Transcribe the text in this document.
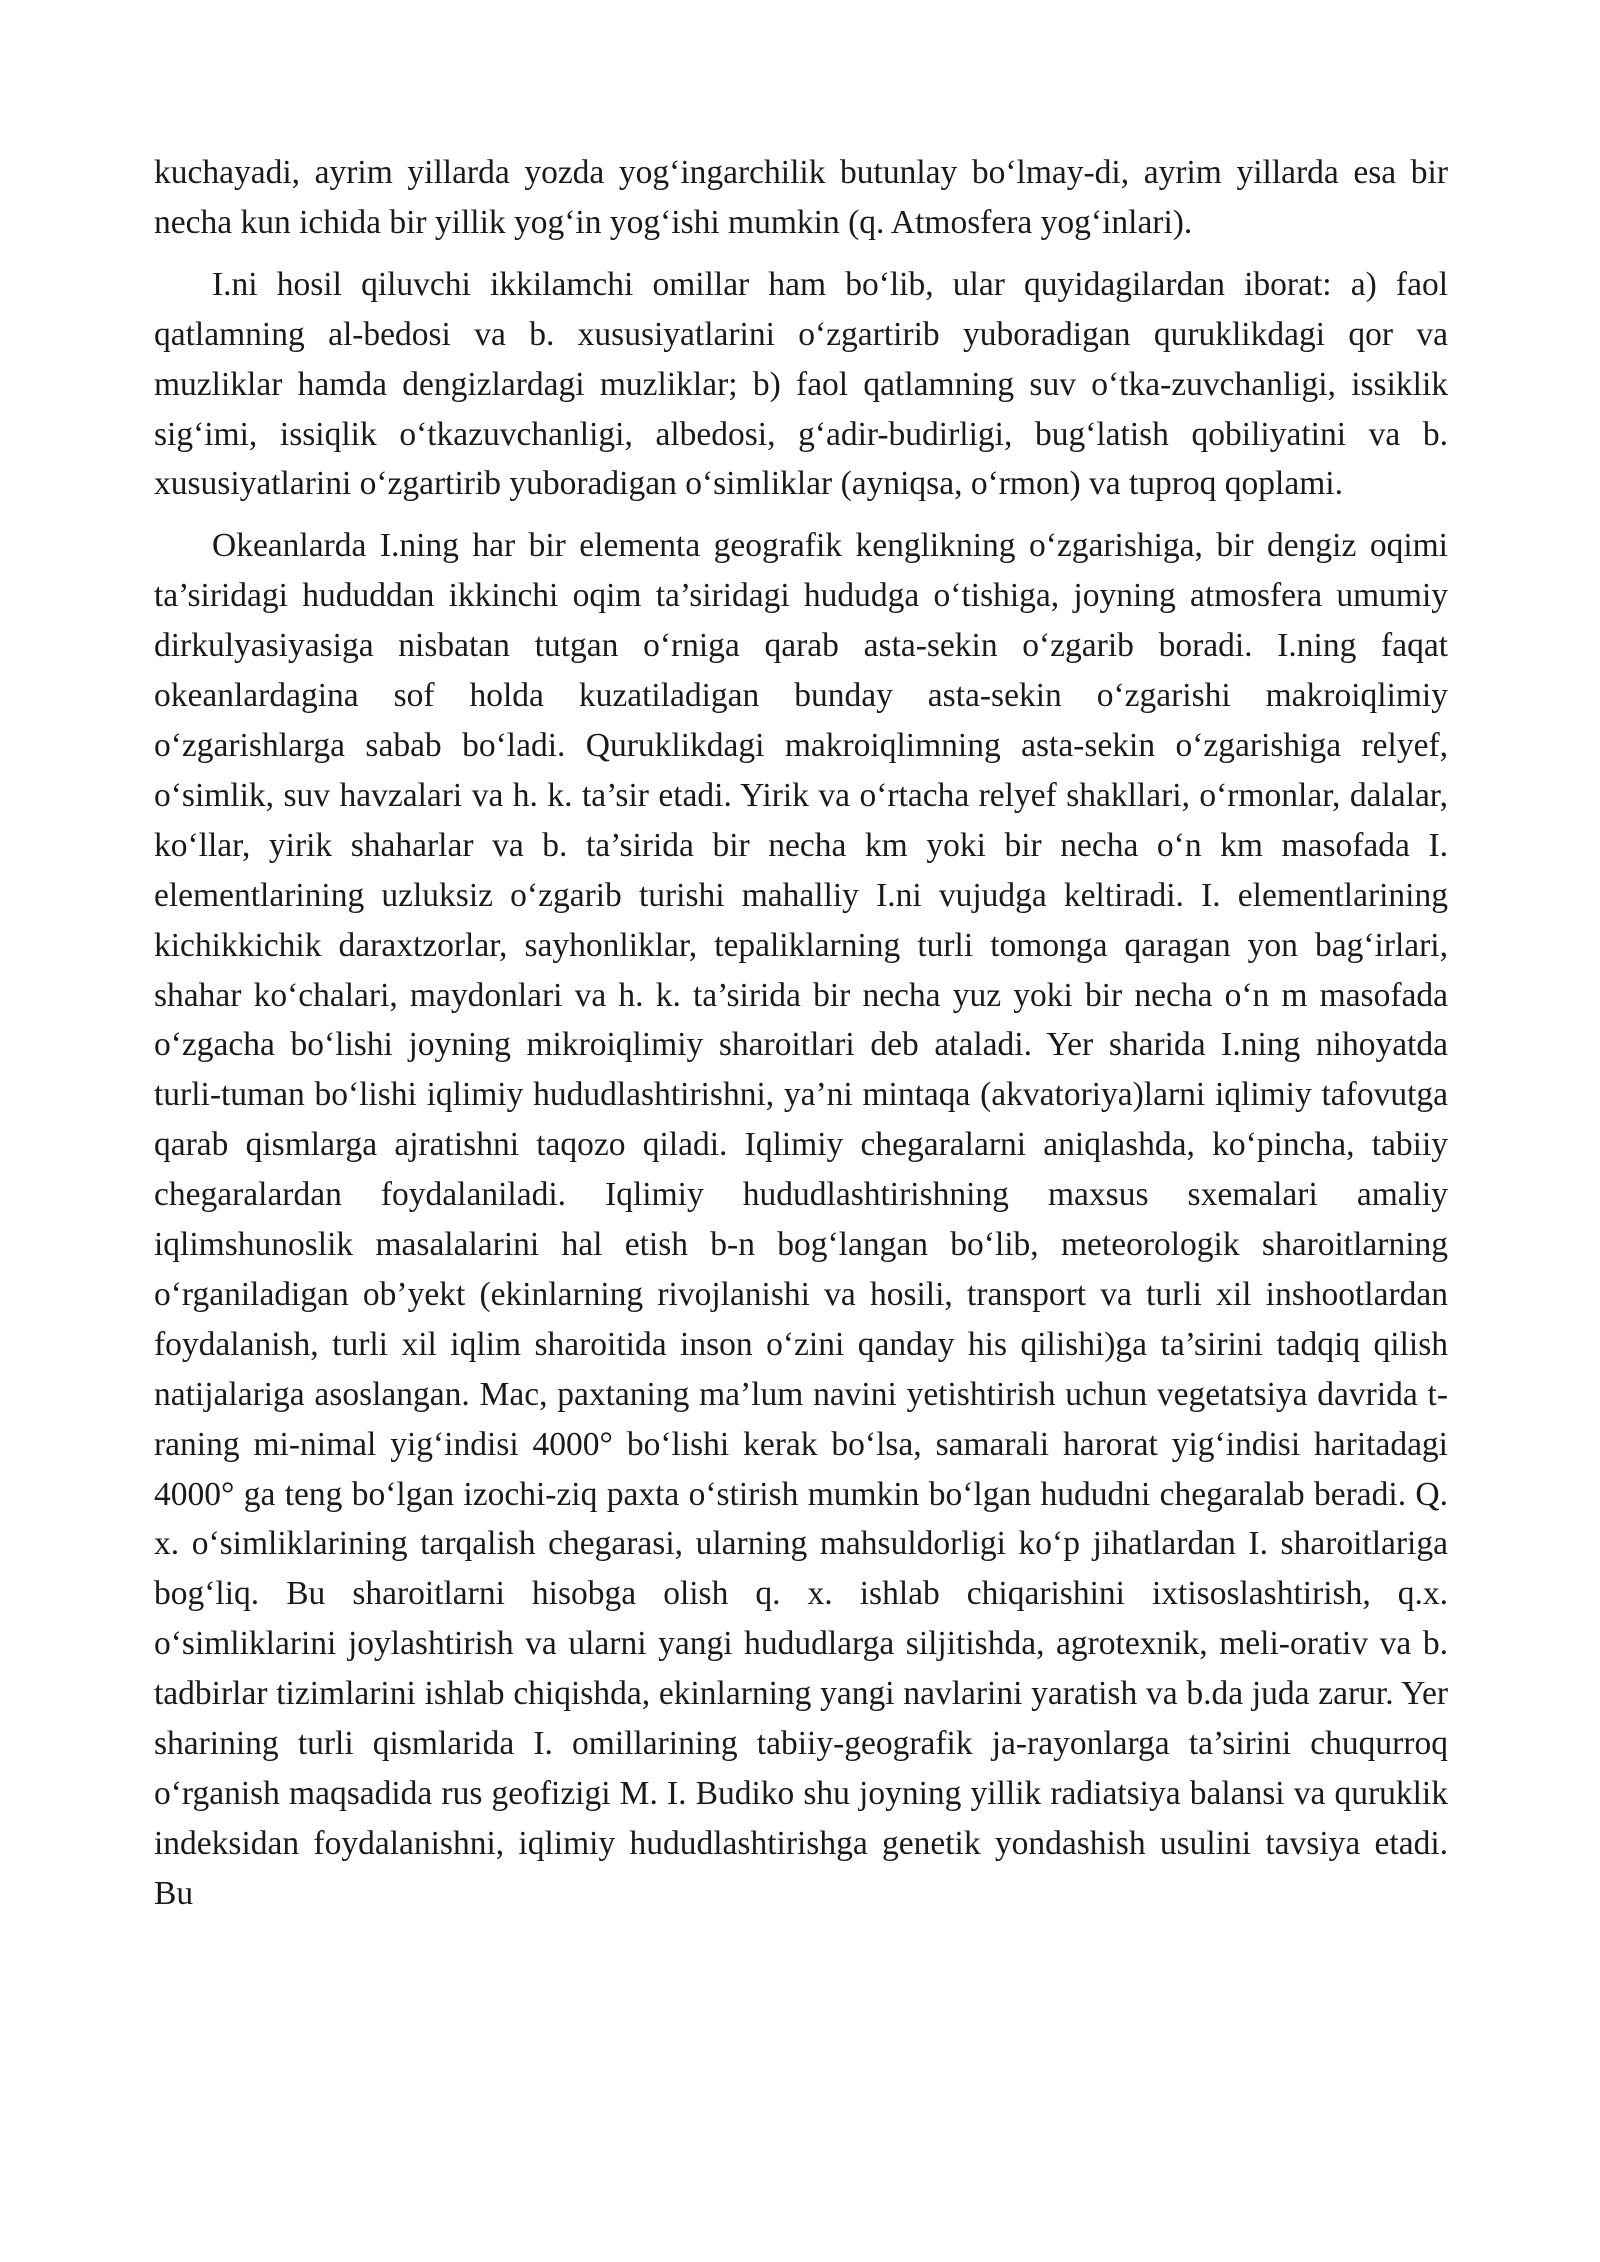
kuchayadi, ayrim yillarda yozda yog‘ingarchilik butunlay bo‘lmay-di, ayrim yillarda esa bir necha kun ichida bir yillik yog‘in yog‘ishi mumkin (q. Atmosfera yog‘inlari).

I.ni hosil qiluvchi ikkilamchi omillar ham bo‘lib, ular quyidagilardan iborat: a) faol qatlamning al-bedosi va b. xususiyatlarini o‘zgartirib yuboradigan quruklikdagi qor va muzliklar hamda dengizlardagi muzliklar; b) faol qatlamning suv o‘tka-zuvchanligi, issiklik sig‘imi, issiqlik o‘tkazuvchanligi, albedosi, g‘adir-budirligi, bug‘latish qobiliyatini va b. xususiyatlarini o‘zgartirib yuboradigan o‘simliklar (ayniqsa, o‘rmon) va tuproq qoplami.

Okeanlarda I.ning har bir elementa geografik kenglikning o‘zgarishiga, bir dengiz oqimi ta’siridagi hududdan ikkinchi oqim ta’siridagi hududga o‘tishiga, joyning atmosfera umumiy dirkulyasiyasiga nisbatan tutgan o‘rniga qarab asta-sekin o‘zgarib boradi. I.ning faqat okeanlardagina sof holda kuzatiladigan bunday asta-sekin o‘zgarishi makroiqlimiy o‘zgarishlarga sabab bo‘ladi. Quruklikdagi makroiqlimning asta-sekin o‘zgarishiga relyef, o‘simlik, suv havzalari va h. k. ta’sir etadi. Yirik va o‘rtacha relyef shakllari, o‘rmonlar, dalalar, ko‘llar, yirik shaharlar va b. ta’sirida bir necha km yoki bir necha o‘n km masofada I. elementlarining uzluksiz o‘zgarib turishi mahalliy I.ni vujudga keltiradi. I. elementlarining kichikkichik daraxtzorlar, sayhonliklar, tepaliklarning turli tomonga qaragan yon bag‘irlari, shahar ko‘chalari, maydonlari va h. k. ta’sirida bir necha yuz yoki bir necha o‘n m masofada o‘zgacha bo‘lishi joyning mikroiqlimiy sharoitlari deb ataladi. Yer sharida I.ning nihoyatda turli-tuman bo‘lishi iqlimiy hududlashtirishni, ya’ni mintaqa (akvatoriya)larni iqlimiy tafovutga qarab qismlarga ajratishni taqozo qiladi. Iqlimiy chegaralarni aniqlashda, ko‘pincha, tabiiy chegaralardan foydalaniladi. Iqlimiy hududlashtirishning maxsus sxemalari amaliy iqlimshunoslik masalalarini hal etish b-n bog‘langan bo‘lib, meteorologik sharoitlarning o‘rganiladigan ob’yekt (ekinlarning rivojlanishi va hosili, transport va turli xil inshootlardan foydalanish, turli xil iqlim sharoitida inson o‘zini qanday his qilishi)ga ta’sirini tadqiq qilish natijalariga asoslangan. Mac, paxtaning ma’lum navini yetishtirish uchun vegetatsiya davrida t-raning mi-nimal yig‘indisi 4000° bo‘lishi kerak bo‘lsa, samarali harorat yig‘indisi haritadagi 4000° ga teng bo‘lgan izochi-ziq paxta o‘stirish mumkin bo‘lgan hududni chegaralab beradi. Q. x. o‘simliklarining tarqalish chegarasi, ularning mahsuldorligi ko‘p jihatlardan I. sharoitlariga bog‘liq. Bu sharoitlarni hisobga olish q. x. ishlab chiqarishini ixtisoslashtirish, q.x. o‘simliklarini joylashtirish va ularni yangi hududlarga siljitishda, agrotexnik, meli-orativ va b. tadbirlar tizimlarini ishlab chiqishda, ekinlarning yangi navlarini yaratish va b.da juda zarur. Yer sharining turli qismlarida I. omillarining tabiiy-geografik ja-rayonlarga ta’sirini chuqurroq o‘rganish maqsadida rus geofizigi M. I. Budiko shu joyning yillik radiatsiya balansi va quruklik indeksidan foydalanishni, iqlimiy hududlashtirishga genetik yondashish usulini tavsiya etadi. Bu
